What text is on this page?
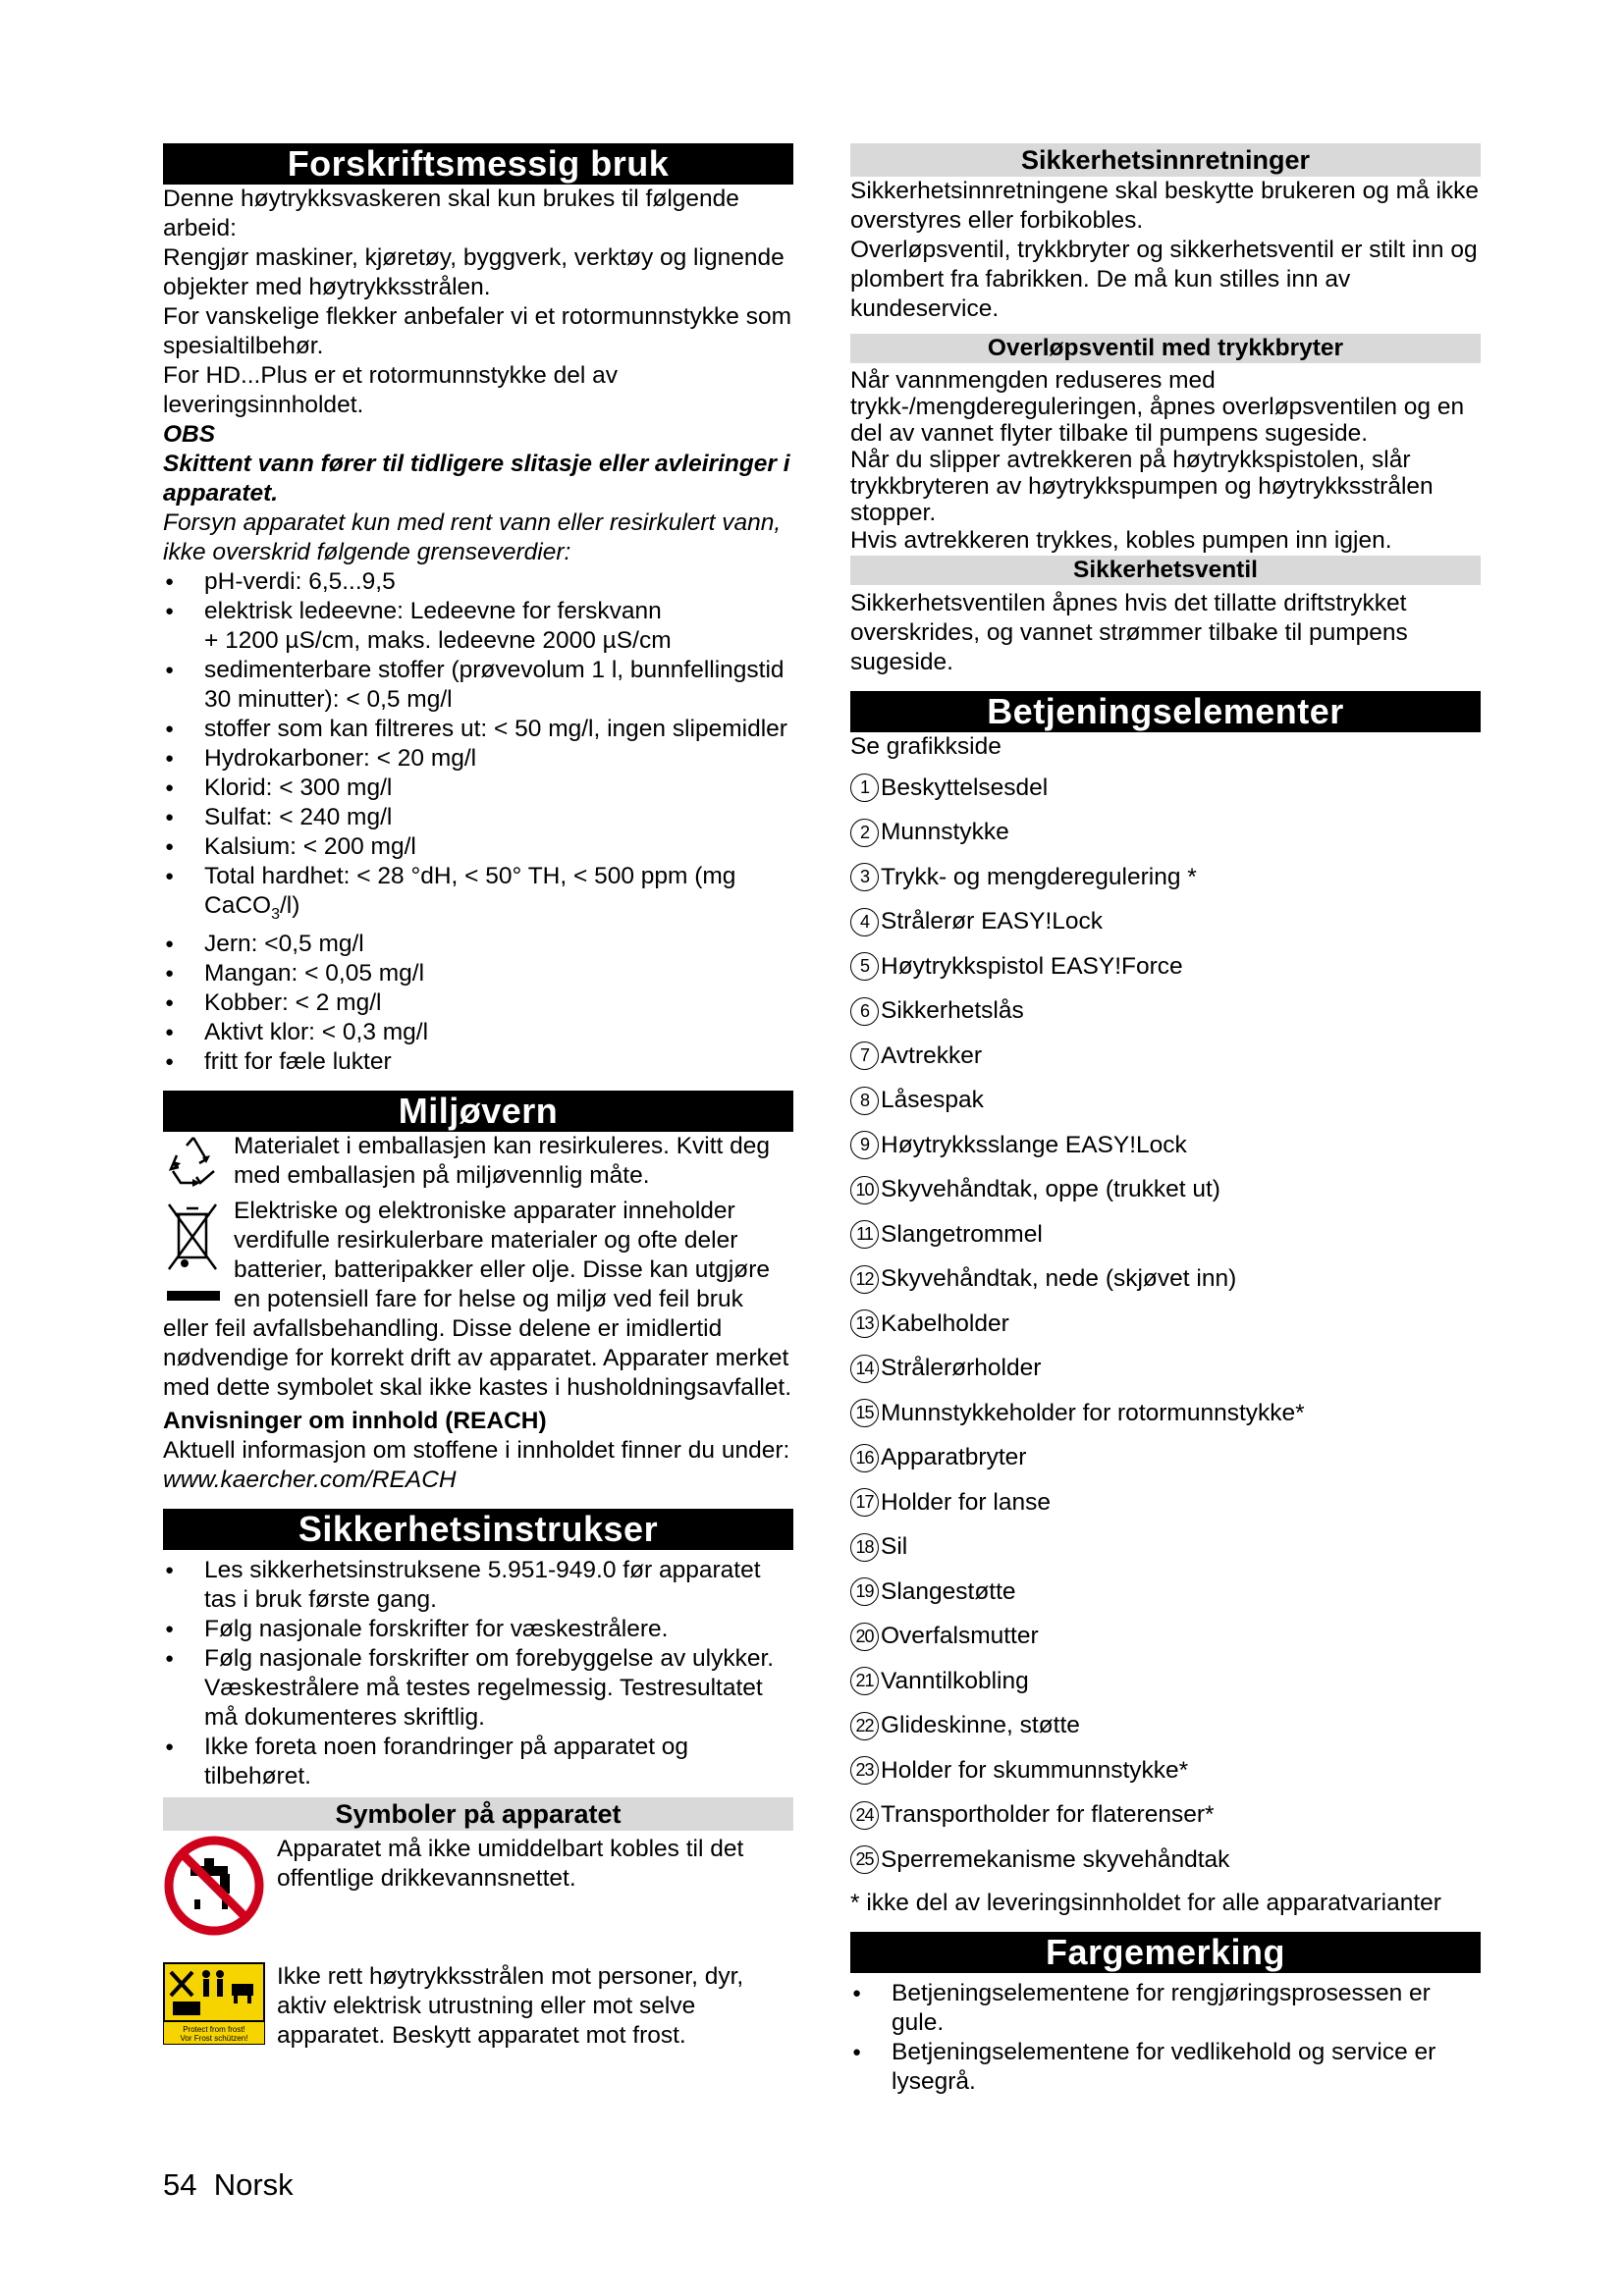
Forskriftsmessig bruk

Denne høytrykksvaskeren skal kun brukes til følgende arbeid:

Rengjør maskiner, kjøretøy, byggverk, verktøy og lignende objekter med høytrykksstrålen.

For vanskelige flekker anbefaler vi et rotormunnstykke som spesialtilbehør.

For HD...Plus er et rotormunnstykke del av leveringsinnholdet.

OBS

Skittent vann fører til tidligere slitasje eller avleiringer i apparatet.

Forsyn apparatet kun med rent vann eller resirkulert vann, ikke overskrid følgende grenseverdier:

● pH-verdi: 6,5...9,5
● elektrisk ledeevne: Ledeevne for ferskvann
+ 1200 µS/cm, maks. ledeevne 2000 µS/cm
● sedimenterbare stoffer (prøvevolum 1 l, bunnfellingstid 30 minutter): < 0,5 mg/l
● stoffer som kan filtreres ut: < 50 mg/l, ingen slipemidler
● Hydrokarboner: < 20 mg/l
● Klorid: < 300 mg/l
● Sulfat: < 240 mg/l
● Kalsium: < 200 mg/l
● Total hardhet: < 28 °dH, < 50° TH, < 500 ppm (mg CaCO$_3$/l)
● Jern: <0,5 mg/l
● Mangan: < 0,05 mg/l
● Kobber: < 2 mg/l
● Aktivt klor: < 0,3 mg/l
● fritt for fæle lukter
Miljøvern

Materialet i emballasjen kan resirkuleres. Kvitt deg med emballasjen på miljøvennlig måte.

Elektriske og elektroniske apparater inneholder verdifulle resirkulerbare materialer og ofte deler batterier, batteripakker eller olje. Disse kan utgjøre en potensiell fare for helse og miljø ved feil bruk eller feil avfallsbehandling. Disse delene er imidlertid nødvendige for korrekt drift av apparatet. Apparater merket med dette symbolet skal ikke kastes i husholdningsavfallet.

Anvisninger om innhold (REACH)

Aktuell informasjon om stoffene i innholdet finner du under: www.kaercher.com/REACH

Sikkerhetsinstrukser
● Les sikkerhetsinstruksene 5.951-949.0 før apparatet tas i bruk første gang.
● Følg nasjonale forskrifter for væskestrålere.
● Følg nasjonale forskrifter om forebyggelse av ulykker. Væskestrålere må testes regelmessig. Testresultatet må dokumenteres skriftlig.
● Ikke foreta noen forandringer på apparatet og tilbehøret.
Symboler på apparatet

Apparatet må ikke umiddelbart kobles til det offentlige drikkevannsnettet.

Protect from frost!
Vor Frost schützen!

Ikke rett høytrykksstrålen mot personer, dyr, aktiv elektrisk utrustning eller mot selve apparatet. Beskytt apparatet mot frost.

Sikkerhetsinnretninger

Sikkerhetsinnretningene skal beskytte brukeren og må ikke overstyres eller forbikobles.

Overløpsventil, trykkbryter og sikkerhetsventil er stilt inn og plombert fra fabrikken. De må kun stilles inn av kundeservice.

Overløpsventil med trykkbryter

Når vannmengden reduseres med trykk-/mengdereguleringen, åpnes overløpsventilen og en del av vannet flyter tilbake til pumpens sugeside.

Når du slipper avtrekkeren på høytrykkspistolen, slår trykkbryteren av høytrykkspumpen og høytrykksstrålen stopper.

Hvis avtrekkeren trykkes, kobles pumpen inn igjen.

Sikkerhetsventil

Sikkerhetsventilen åpnes hvis det tillatte driftstrykket overskrides, og vannet strømmer tilbake til pumpens sugeside.

Betjeningselementer

Se grafikkside

1 Beskyttelsesdel
2 Munnstykke
3 Trykk- og mengderegulering *
4 Strålerør EASY!Lock
5 Høytrykkspistol EASY!Force
6 Sikkerhetslås
7 Avtrekker
8 Låsespak
9 Høytrykksslange EASY!Lock
10 Skyvehåndtak, oppe (trukket ut)
11 Slangetrommel
12 Skyvehåndtak, nede (skjøvet inn)
13 Kabelholder
14 Strålerørholder
15 Munnstykkeholder for rotormunnstykke*
16 Apparatbryter
17 Holder for lanse
18 Sil
19 Slangestøtte
20 Overfalsmutter
21 Vanntilkobling
22 Glideskinne, støtte
23 Holder for skummunnstykke*
24 Transportholder for flaterenser*
25 Sperremekanisme skyvehåndtak

* ikke del av leveringsinnholdet for alle apparatvarianter

Fargemerking
● Betjeningselementene for rengjøringsprosessen er gule.
● Betjeningselementene for vedlikehold og service er lysegrå.
54 Norsk
